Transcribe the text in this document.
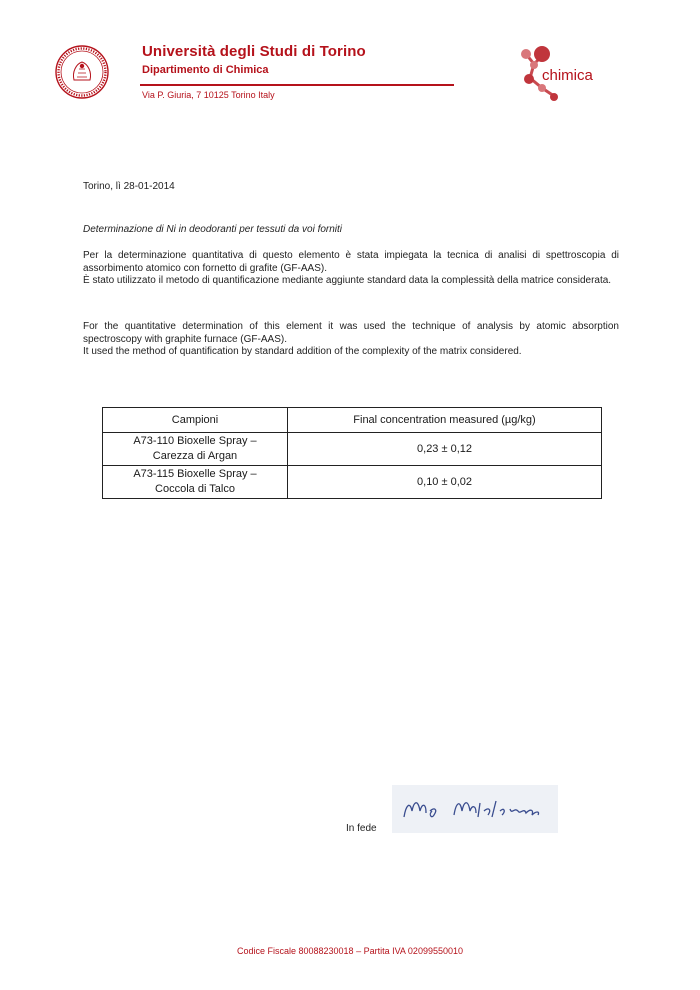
Università degli Studi di Torino
Dipartimento di Chimica
Via P. Giuria, 7 10125 Torino Italy
chimica
Torino, lì 28-01-2014
Determinazione di Ni in deodoranti per tessuti da voi forniti

Per la determinazione quantitativa di questo elemento è stata impiegata la tecnica di analisi di spettroscopia di assorbimento atomico con fornetto di grafite (GF-AAS).

È stato utilizzato il metodo di quantificazione mediante aggiunte standard data la complessità della matrice considerata.

For the quantitative determination of this element it was used the technique of analysis by atomic absorption spectroscopy with graphite furnace (GF-AAS).

It used the method of quantification by standard addition of the complexity of the matrix considered.

Campioni	Final concentration measured (µg/kg)
A73-110 Bioxelle Spray –
Carezza di Argan	0,23 ± 0,12
A73-115 Bioxelle Spray –
Coccola di Talco	0,10 ± 0,02
In fede
Codice Fiscale 80088230018 – Partita IVA 02099550010
